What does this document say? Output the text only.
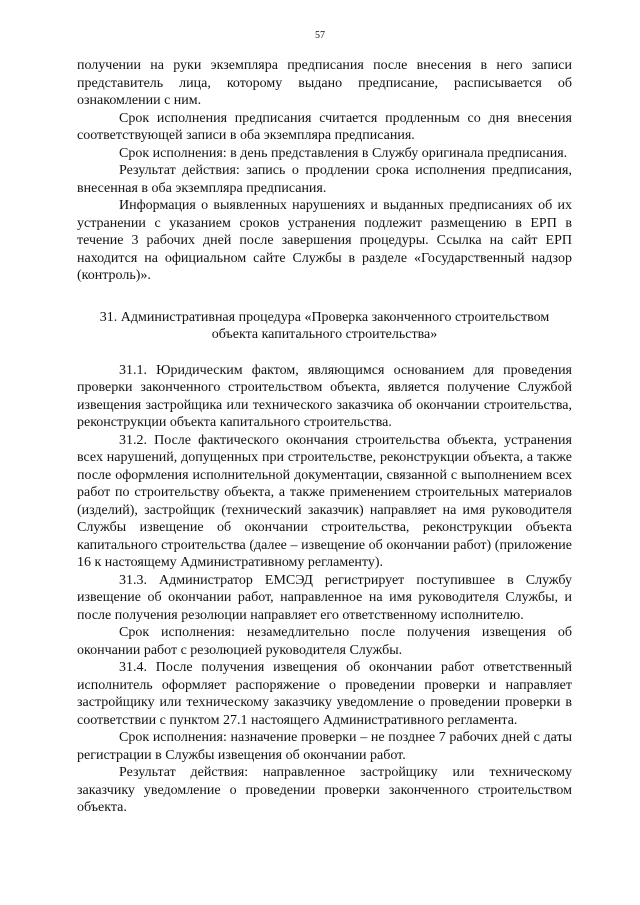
57

получении на руки экземпляра предписания после внесения в него записи представитель лица, которому выдано предписание, расписывается об ознакомлении с ним.

Срок исполнения предписания считается продленным со дня внесения соответствующей записи в оба экземпляра предписания.

Срок исполнения: в день представления в Службу оригинала предписания.

Результат действия: запись о продлении срока исполнения предписания, внесенная в оба экземпляра предписания.

Информация о выявленных нарушениях и выданных предписаниях об их устранении с указанием сроков устранения подлежит размещению в ЕРП в течение 3 рабочих дней после завершения процедуры. Ссылка на сайт ЕРП находится на официальном сайте Службы в разделе «Государственный надзор (контроль)».

31. Административная процедура «Проверка законченного строительством
объекта капитального строительства»

31.1. Юридическим фактом, являющимся основанием для проведения проверки законченного строительством объекта, является получение Службой извещения застройщика или технического заказчика об окончании строительства, реконструкции объекта капитального строительства.

31.2. После фактического окончания строительства объекта, устранения всех нарушений, допущенных при строительстве, реконструкции объекта, а также после оформления исполнительной документации, связанной с выполнением всех работ по строительству объекта, а также применением строительных материалов (изделий), застройщик (технический заказчик) направляет на имя руководителя Службы извещение об окончании строительства, реконструкции объекта капитального строительства (далее – извещение об окончании работ) (приложение 16 к настоящему Административному регламенту).

31.3. Администратор ЕМСЭД регистрирует поступившее в Службу извещение об окончании работ, направленное на имя руководителя Службы, и после получения резолюции направляет его ответственному исполнителю.

Срок исполнения: незамедлительно после получения извещения об окончании работ с резолюцией руководителя Службы.

31.4. После получения извещения об окончании работ ответственный исполнитель оформляет распоряжение о проведении проверки и направляет застройщику или техническому заказчику уведомление о проведении проверки в соответствии с пунктом 27.1 настоящего Административного регламента.

Срок исполнения: назначение проверки – не позднее 7 рабочих дней с даты регистрации в Службы извещения об окончании работ.

Результат действия: направленное застройщику или техническому заказчику уведомление о проведении проверки законченного строительством объекта.
